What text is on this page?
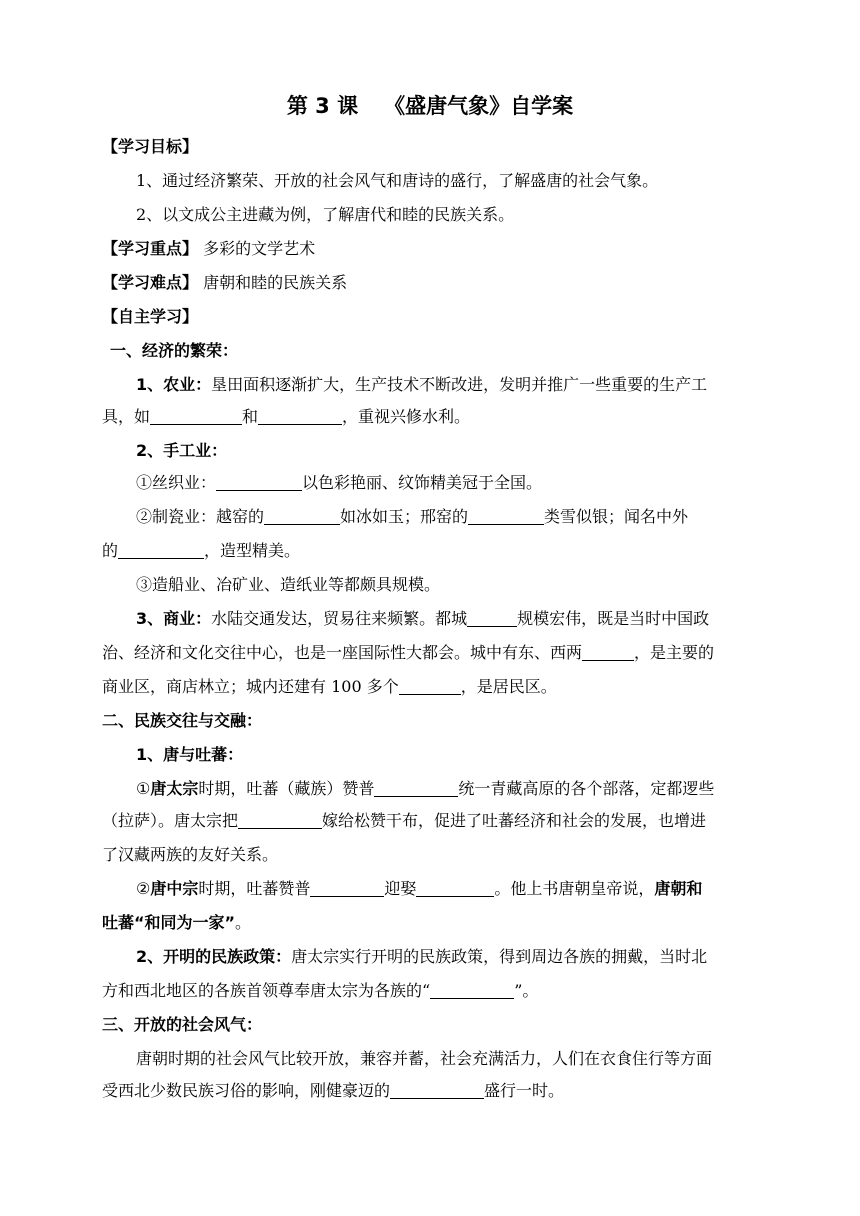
第 3 课 《盛唐气象》自学案
【学习目标】
1、通过经济繁荣、开放的社会风气和唐诗的盛行，了解盛唐的社会气象。
2、以文成公主进藏为例，了解唐代和睦的民族关系。
【学习重点】 多彩的文学艺术
【学习难点】 唐朝和睦的民族关系
【自主学习】
一、经济的繁荣：
1、农业：垦田面积逐渐扩大，生产技术不断改进，发明并推广一些重要的生产工
具，如	和	，重视兴修水利。
2、手工业：
①丝织业：	以色彩艳丽、纹饰精美冠于全国。
②制瓷业：越窑的	如冰如玉；邢窑的	类雪似银；闻名中外
的	，造型精美。
③造船业、冶矿业、造纸业等都颇具规模。
3、商业：水陆交通发达，贸易往来频繁。都城	规模宏伟，既是当时中国政
治、经济和文化交往中心，也是一座国际性大都会。城中有东、西两	，是主要的
商业区，商店林立；城内还建有 100 多个	，是居民区。
二、民族交往与交融：
1、唐与吐蕃：
①唐太宗时期，吐蕃（藏族）赞普	统一青藏高原的各个部落，定都逻些
（拉萨）。唐太宗把	嫁给松赞干布，促进了吐蕃经济和社会的发展，也增进
了汉藏两族的友好关系。
②唐中宗时期，吐蕃赞普	迎娶	。他上书唐朝皇帝说，唐朝和
吐蕃“和同为一家”。
2、开明的民族政策：唐太宗实行开明的民族政策，得到周边各族的拥戴，当时北
方和西北地区的各族首领尊奉唐太宗为各族的“	”。
三、开放的社会风气：
唐朝时期的社会风气比较开放，兼容并蓄，社会充满活力，人们在衣食住行等方面
受西北少数民族习俗的影响，刚健豪迈的	盛行一时。
